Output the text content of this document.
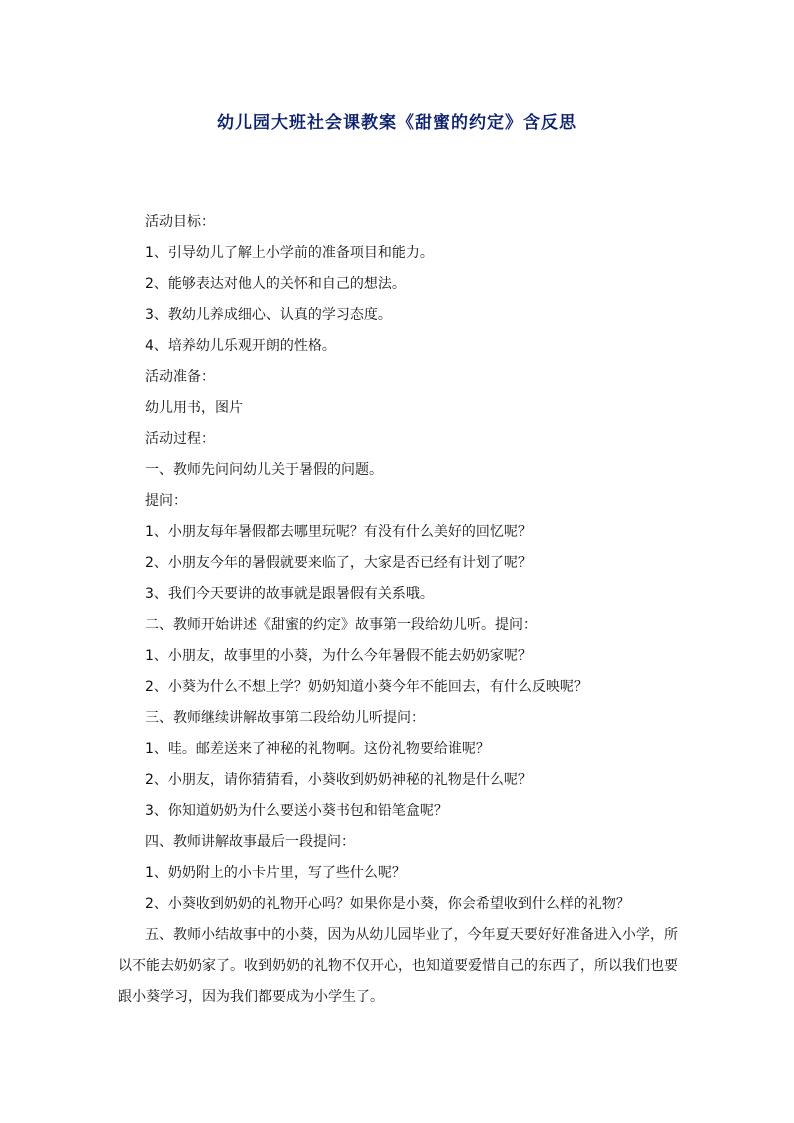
幼儿园大班社会课教案《甜蜜的约定》含反思
活动目标：
1、引导幼儿了解上小学前的准备项目和能力。
2、能够表达对他人的关怀和自己的想法。
3、教幼儿养成细心、认真的学习态度。
4、培养幼儿乐观开朗的性格。
活动准备：
幼儿用书，图片
活动过程：
一、教师先问问幼儿关于暑假的问题。
提问：
1、小朋友每年暑假都去哪里玩呢？有没有什么美好的回忆呢？
2、小朋友今年的暑假就要来临了，大家是否已经有计划了呢？
3、我们今天要讲的故事就是跟暑假有关系哦。
二、教师开始讲述《甜蜜的约定》故事第一段给幼儿听。提问：
1、小朋友，故事里的小葵，为什么今年暑假不能去奶奶家呢？
2、小葵为什么不想上学？奶奶知道小葵今年不能回去，有什么反映呢？
三、教师继续讲解故事第二段给幼儿听提问：
1、哇。邮差送来了神秘的礼物啊。这份礼物要给谁呢？
2、小朋友，请你猜猜看，小葵收到奶奶神秘的礼物是什么呢？
3、你知道奶奶为什么要送小葵书包和铅笔盒呢？
四、教师讲解故事最后一段提问：
1、奶奶附上的小卡片里，写了些什么呢？
2、小葵收到奶奶的礼物开心吗？如果你是小葵，你会希望收到什么样的礼物？

五、教师小结故事中的小葵，因为从幼儿园毕业了，今年夏天要好好准备进入小学，所以不能去奶奶家了。收到奶奶的礼物不仅开心，也知道要爱惜自己的东西了，所以我们也要跟小葵学习，因为我们都要成为小学生了。
